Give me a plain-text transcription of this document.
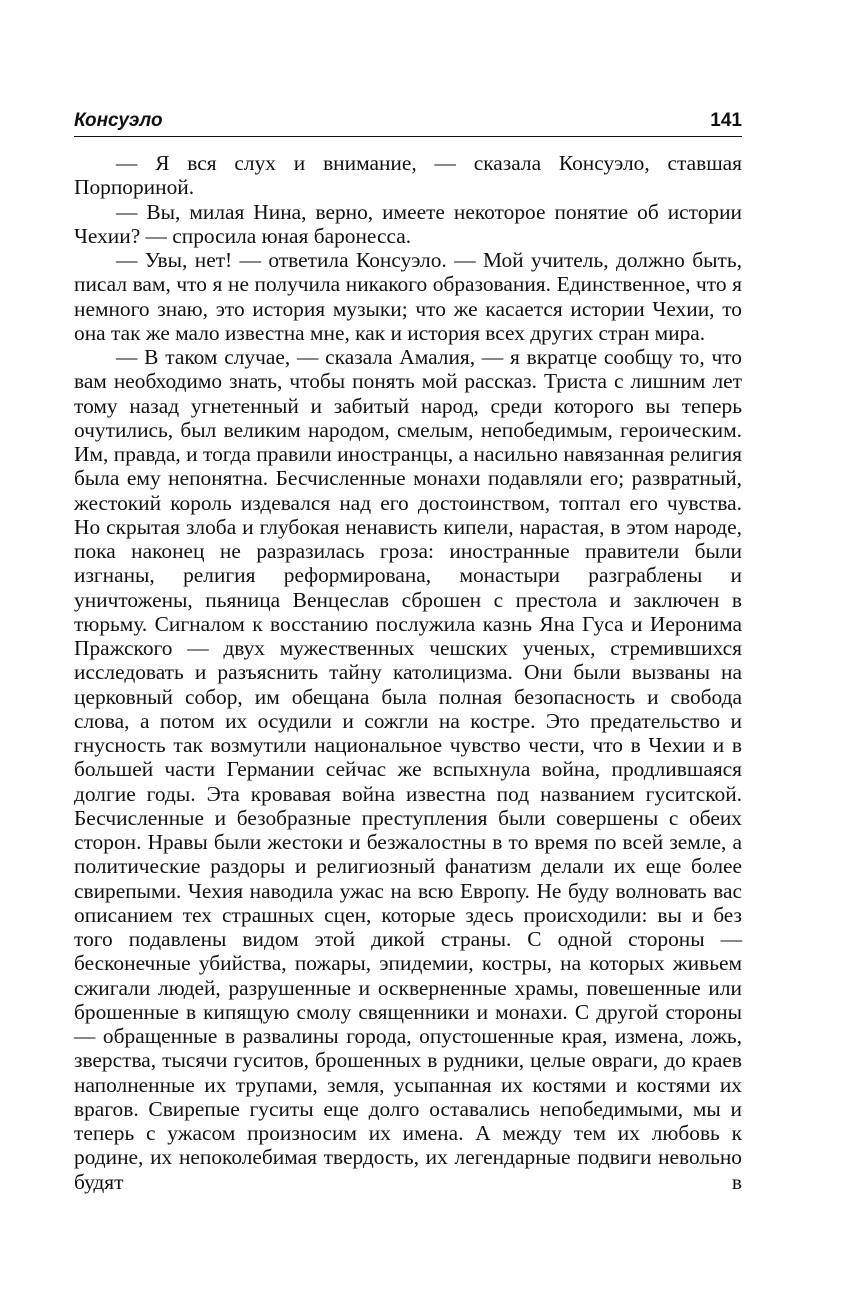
Консуэло	141

— Я вся слух и внимание, — сказала Консуэло, ставшая Порпориной.

— Вы, милая Нина, верно, имеете некоторое понятие об истории Чехии? — спросила юная баронесса.

— Увы, нет! — ответила Консуэло. — Мой учитель, должно быть, писал вам, что я не получила никакого образования. Единственное, что я немного знаю, это история музыки; что же касается истории Чехии, то она так же мало известна мне, как и история всех других стран мира.

— В таком случае, — сказала Амалия, — я вкратце сообщу то, что вам необходимо знать, чтобы понять мой рассказ. Триста с лишним лет тому назад угнетенный и забитый народ, среди которого вы теперь очутились, был великим народом, смелым, непобедимым, героическим. Им, правда, и тогда правили иностранцы, а насильно навязанная религия была ему непонятна. Бесчисленные монахи подавляли его; развратный, жестокий король издевался над его достоинством, топтал его чувства. Но скрытая злоба и глубокая ненависть кипели, нарастая, в этом народе, пока наконец не разразилась гроза: иностранные правители были изгнаны, религия реформирована, монастыри разграблены и уничтожены, пьяница Венцеслав сброшен с престола и заключен в тюрьму. Сигналом к восстанию послужила казнь Яна Гуса и Иеронима Пражского — двух мужественных чешских ученых, стремившихся исследовать и разъяснить тайну католицизма. Они были вызваны на церковный собор, им обещана была полная безопасность и свобода слова, а потом их осудили и сожгли на костре. Это предательство и гнусность так возмутили национальное чувство чести, что в Чехии и в большей части Германии сейчас же вспыхнула война, продлившаяся долгие годы. Эта кровавая война известна под названием гуситской. Бесчисленные и безобразные преступления были совершены с обеих сторон. Нравы были жестоки и безжалостны в то время по всей земле, а политические раздоры и религиозный фанатизм делали их еще более свирепыми. Чехия наводила ужас на всю Европу. Не буду волновать вас описанием тех страшных сцен, которые здесь происходили: вы и без того подавлены видом этой дикой страны. С одной стороны — бесконечные убийства, пожары, эпидемии, костры, на которых живьем сжигали людей, разрушенные и оскверненные храмы, повешенные или брошенные в кипящую смолу священники и монахи. С другой стороны — обращенные в развалины города, опустошенные края, измена, ложь, зверства, тысячи гуситов, брошенных в рудники, целые овраги, до краев наполненные их трупами, земля, усыпанная их костями и костями их врагов. Свирепые гуситы еще долго оставались непобедимыми, мы и теперь с ужасом произносим их имена. А между тем их любовь к родине, их непоколебимая твердость, их легендарные подвиги невольно будят в
